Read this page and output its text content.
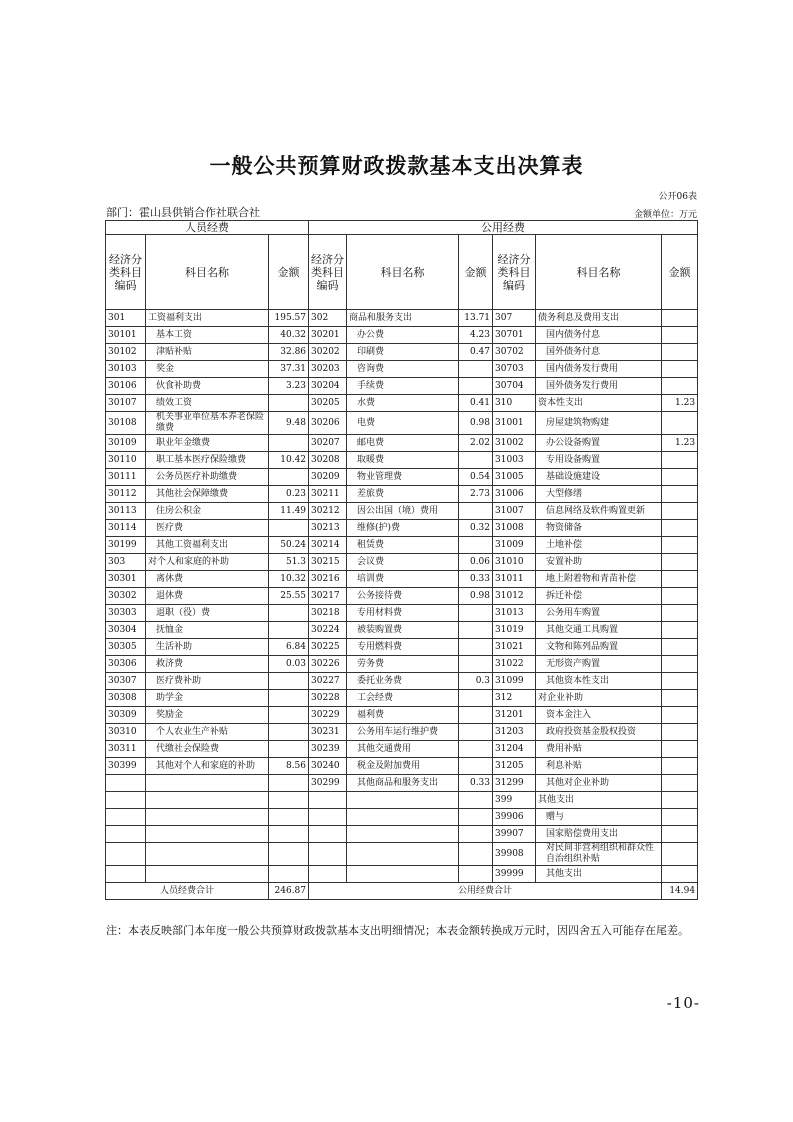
一般公共预算财政拨款基本支出决算表
公开06表
部门：霍山县供销合作社联合社	金额单位：万元
人员经费			公用经费					
经济分类科目编码	科目名称	金额	经济分类科目编码	科目名称	金额	经济分类科目编码	科目名称	金额
301	工资福利支出	195.57	302	商品和服务支出	13.71	307	债务利息及费用支出	
30101	基本工资	40.32	30201	办公费	4.23	30701	国内债务付息	
30102	津贴补贴	32.86	30202	印刷费	0.47	30702	国外债务付息	
30103	奖金	37.31	30203	咨询费		30703	国内债务发行费用	
30106	伙食补助费	3.23	30204	手续费		30704	国外债务发行费用	
30107	绩效工资		30205	水费	0.41	310	资本性支出	1.23
30108	机关事业单位基本养老保险缴费	9.48	30206	电费	0.98	31001	房屋建筑物购建	
30109	职业年金缴费		30207	邮电费	2.02	31002	办公设备购置	1.23
30110	职工基本医疗保险缴费	10.42	30208	取暖费		31003	专用设备购置	
30111	公务员医疗补助缴费		30209	物业管理费	0.54	31005	基础设施建设	
30112	其他社会保障缴费	0.23	30211	差旅费	2.73	31006	大型修缮	
30113	住房公积金	11.49	30212	因公出国（境）费用		31007	信息网络及软件购置更新	
30114	医疗费		30213	维修(护)费	0.32	31008	物资储备	
30199	其他工资福利支出	50.24	30214	租赁费		31009	土地补偿	
303	对个人和家庭的补助	51.3	30215	会议费	0.06	31010	安置补助	
30301	离休费	10.32	30216	培训费	0.33	31011	地上附着物和青苗补偿	
30302	退休费	25.55	30217	公务接待费	0.98	31012	拆迁补偿	
30303	退职（役）费		30218	专用材料费		31013	公务用车购置	
30304	抚恤金		30224	被装购置费		31019	其他交通工具购置	
30305	生活补助	6.84	30225	专用燃料费		31021	文物和陈列品购置	
30306	救济费	0.03	30226	劳务费		31022	无形资产购置	
30307	医疗费补助		30227	委托业务费	0.3	31099	其他资本性支出	
30308	助学金		30228	工会经费		312	对企业补助	
30309	奖励金		30229	福利费		31201	资本金注入	
30310	个人农业生产补贴		30231	公务用车运行维护费		31203	政府投资基金股权投资	
30311	代缴社会保险费		30239	其他交通费用		31204	费用补贴	
30399	其他对个人和家庭的补助	8.56	30240	税金及附加费用		31205	利息补贴	
			30299	其他商品和服务支出	0.33	31299	其他对企业补助	
						399	其他支出	
						39906	赠与	
						39907	国家赔偿费用支出	
						39908	对民间非营利组织和群众性自治组织补贴	
						39999	其他支出	
人员经费合计		246.87	公用经费合计					14.94
注：本表反映部门本年度一般公共预算财政拨款基本支出明细情况；本表金额转换成万元时，因四舍五入可能存在尾差。
-10-
